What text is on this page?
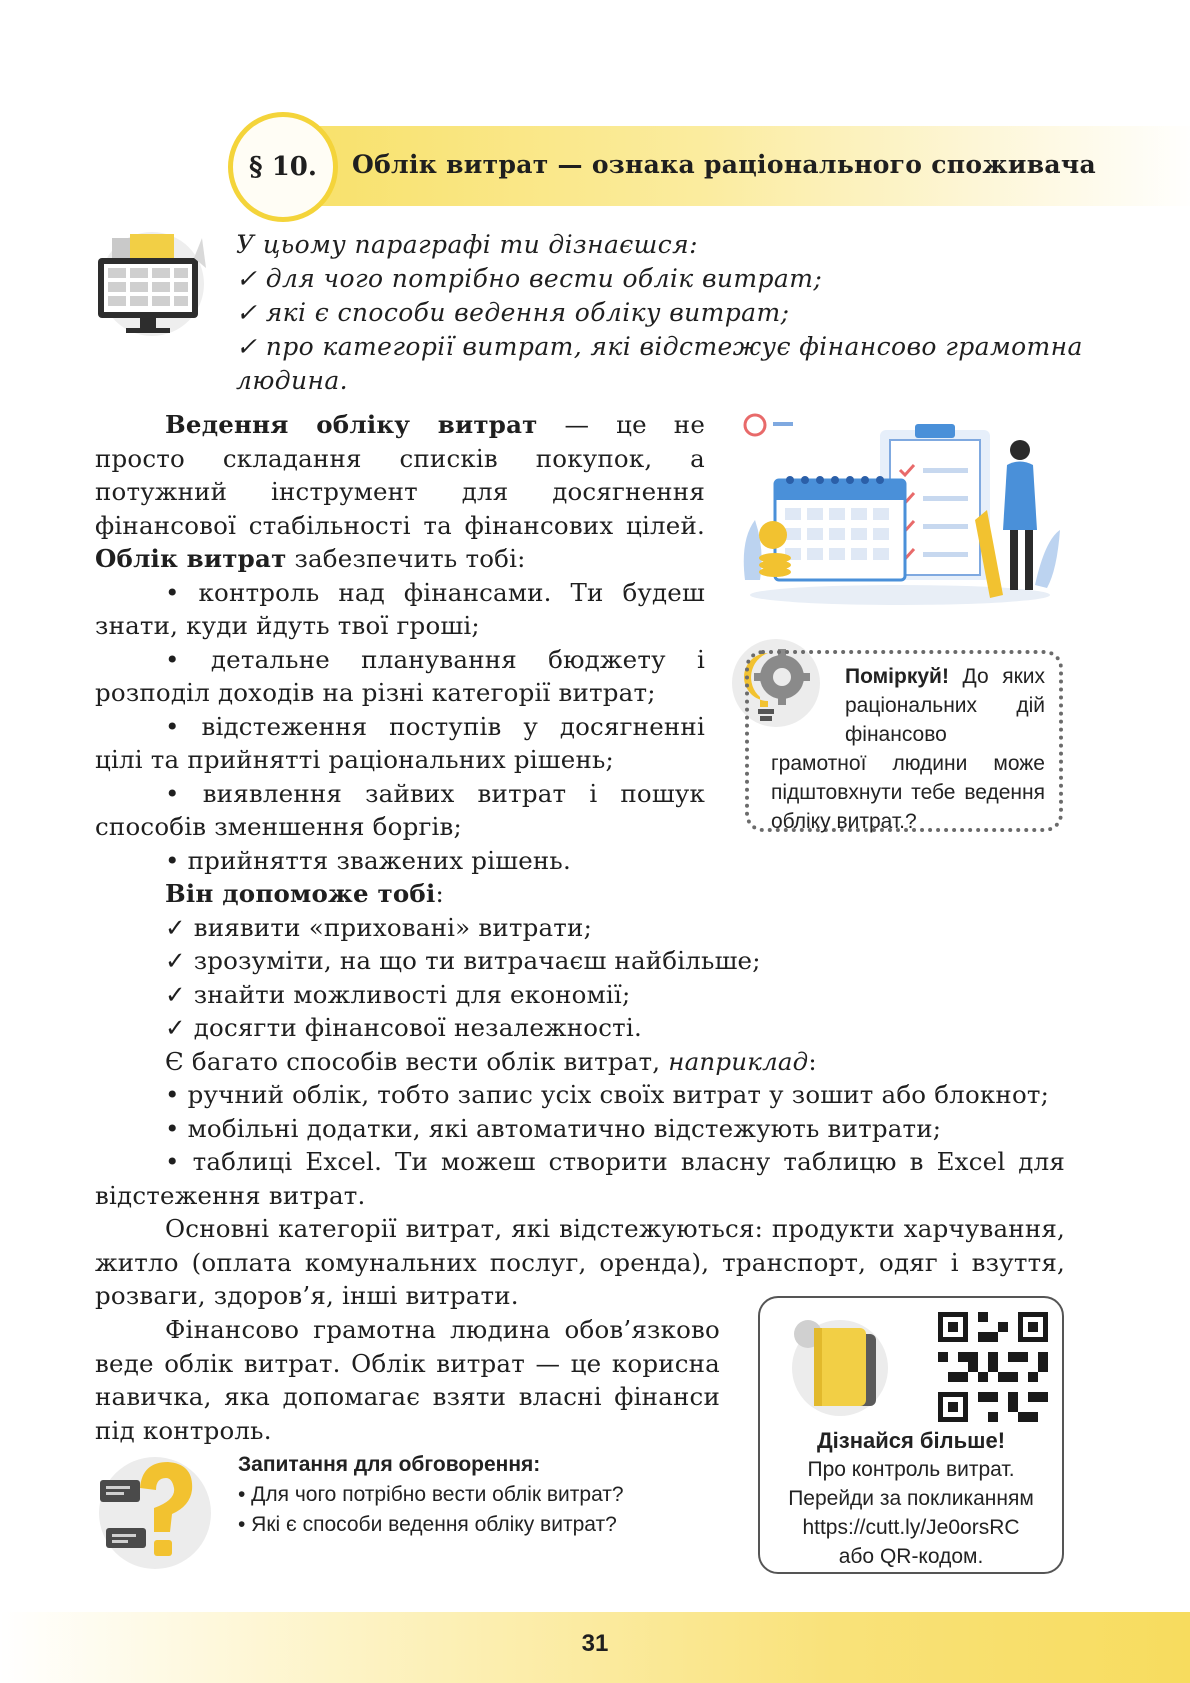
§ 10. Облік витрат — ознака раціонального споживача
У цьому параграфі ти дізнаєшся:
✓ для чого потрібно вести облік витрат;
✓ які є способи ведення обліку витрат;
✓ про категорії витрат, які відстежує фінансово грамотна
людина.

Ведення обліку витрат — це не просто складання списків покупок, а потужний інструмент для досягнення фінансової стабільності та фінансових цілей. Облік витрат забезпечить тобі:

• контроль над фінансами. Ти будеш знати, куди йдуть твої гроші;

• детальне планування бюджету і розподіл доходів на різні категорії витрат;

• відстеження поступів у досягненні цілі та прийнятті раціональних рішень;

• виявлення зайвих витрат і пошук способів зменшення боргів;

• прийняття зважених рішень.

Він допоможе тобі:

✓ виявити «приховані» витрати;

✓ зрозуміти, на що ти витрачаєш найбільше;

✓ знайти можливості для економії;

✓ досягти фінансової незалежності.

Є багато способів вести облік витрат, наприклад:

• ручний облік, тобто запис усіх своїх витрат у зошит або блокнот;

• мобільні додатки, які автоматично відстежують витрати;

• таблиці Excel. Ти можеш створити власну таблицю в Excel для відстеження витрат.

Основні категорії витрат, які відстежуються: продукти харчування, житло (оплата комунальних послуг, оренда), транспорт, одяг і взуття, розваги, здоров’я, інші витрати.

Фінансово грамотна людина обов’язково веде облік витрат. Облік витрат — це корисна навичка, яка допомагає взяти власні фінанси під контроль.

Поміркуй! До яких раціональних дій фінансово грамотної людини може підштовхнути тебе ведення обліку витрат.?
Дізнайся більше!
Про контроль витрат.
Перейди за покликанням
https://cutt.ly/Je0orsRC
або QR-кодом.
Запитання для обговорення:
• Для чого потрібно вести облік витрат?
• Які є способи ведення обліку витрат?
31
